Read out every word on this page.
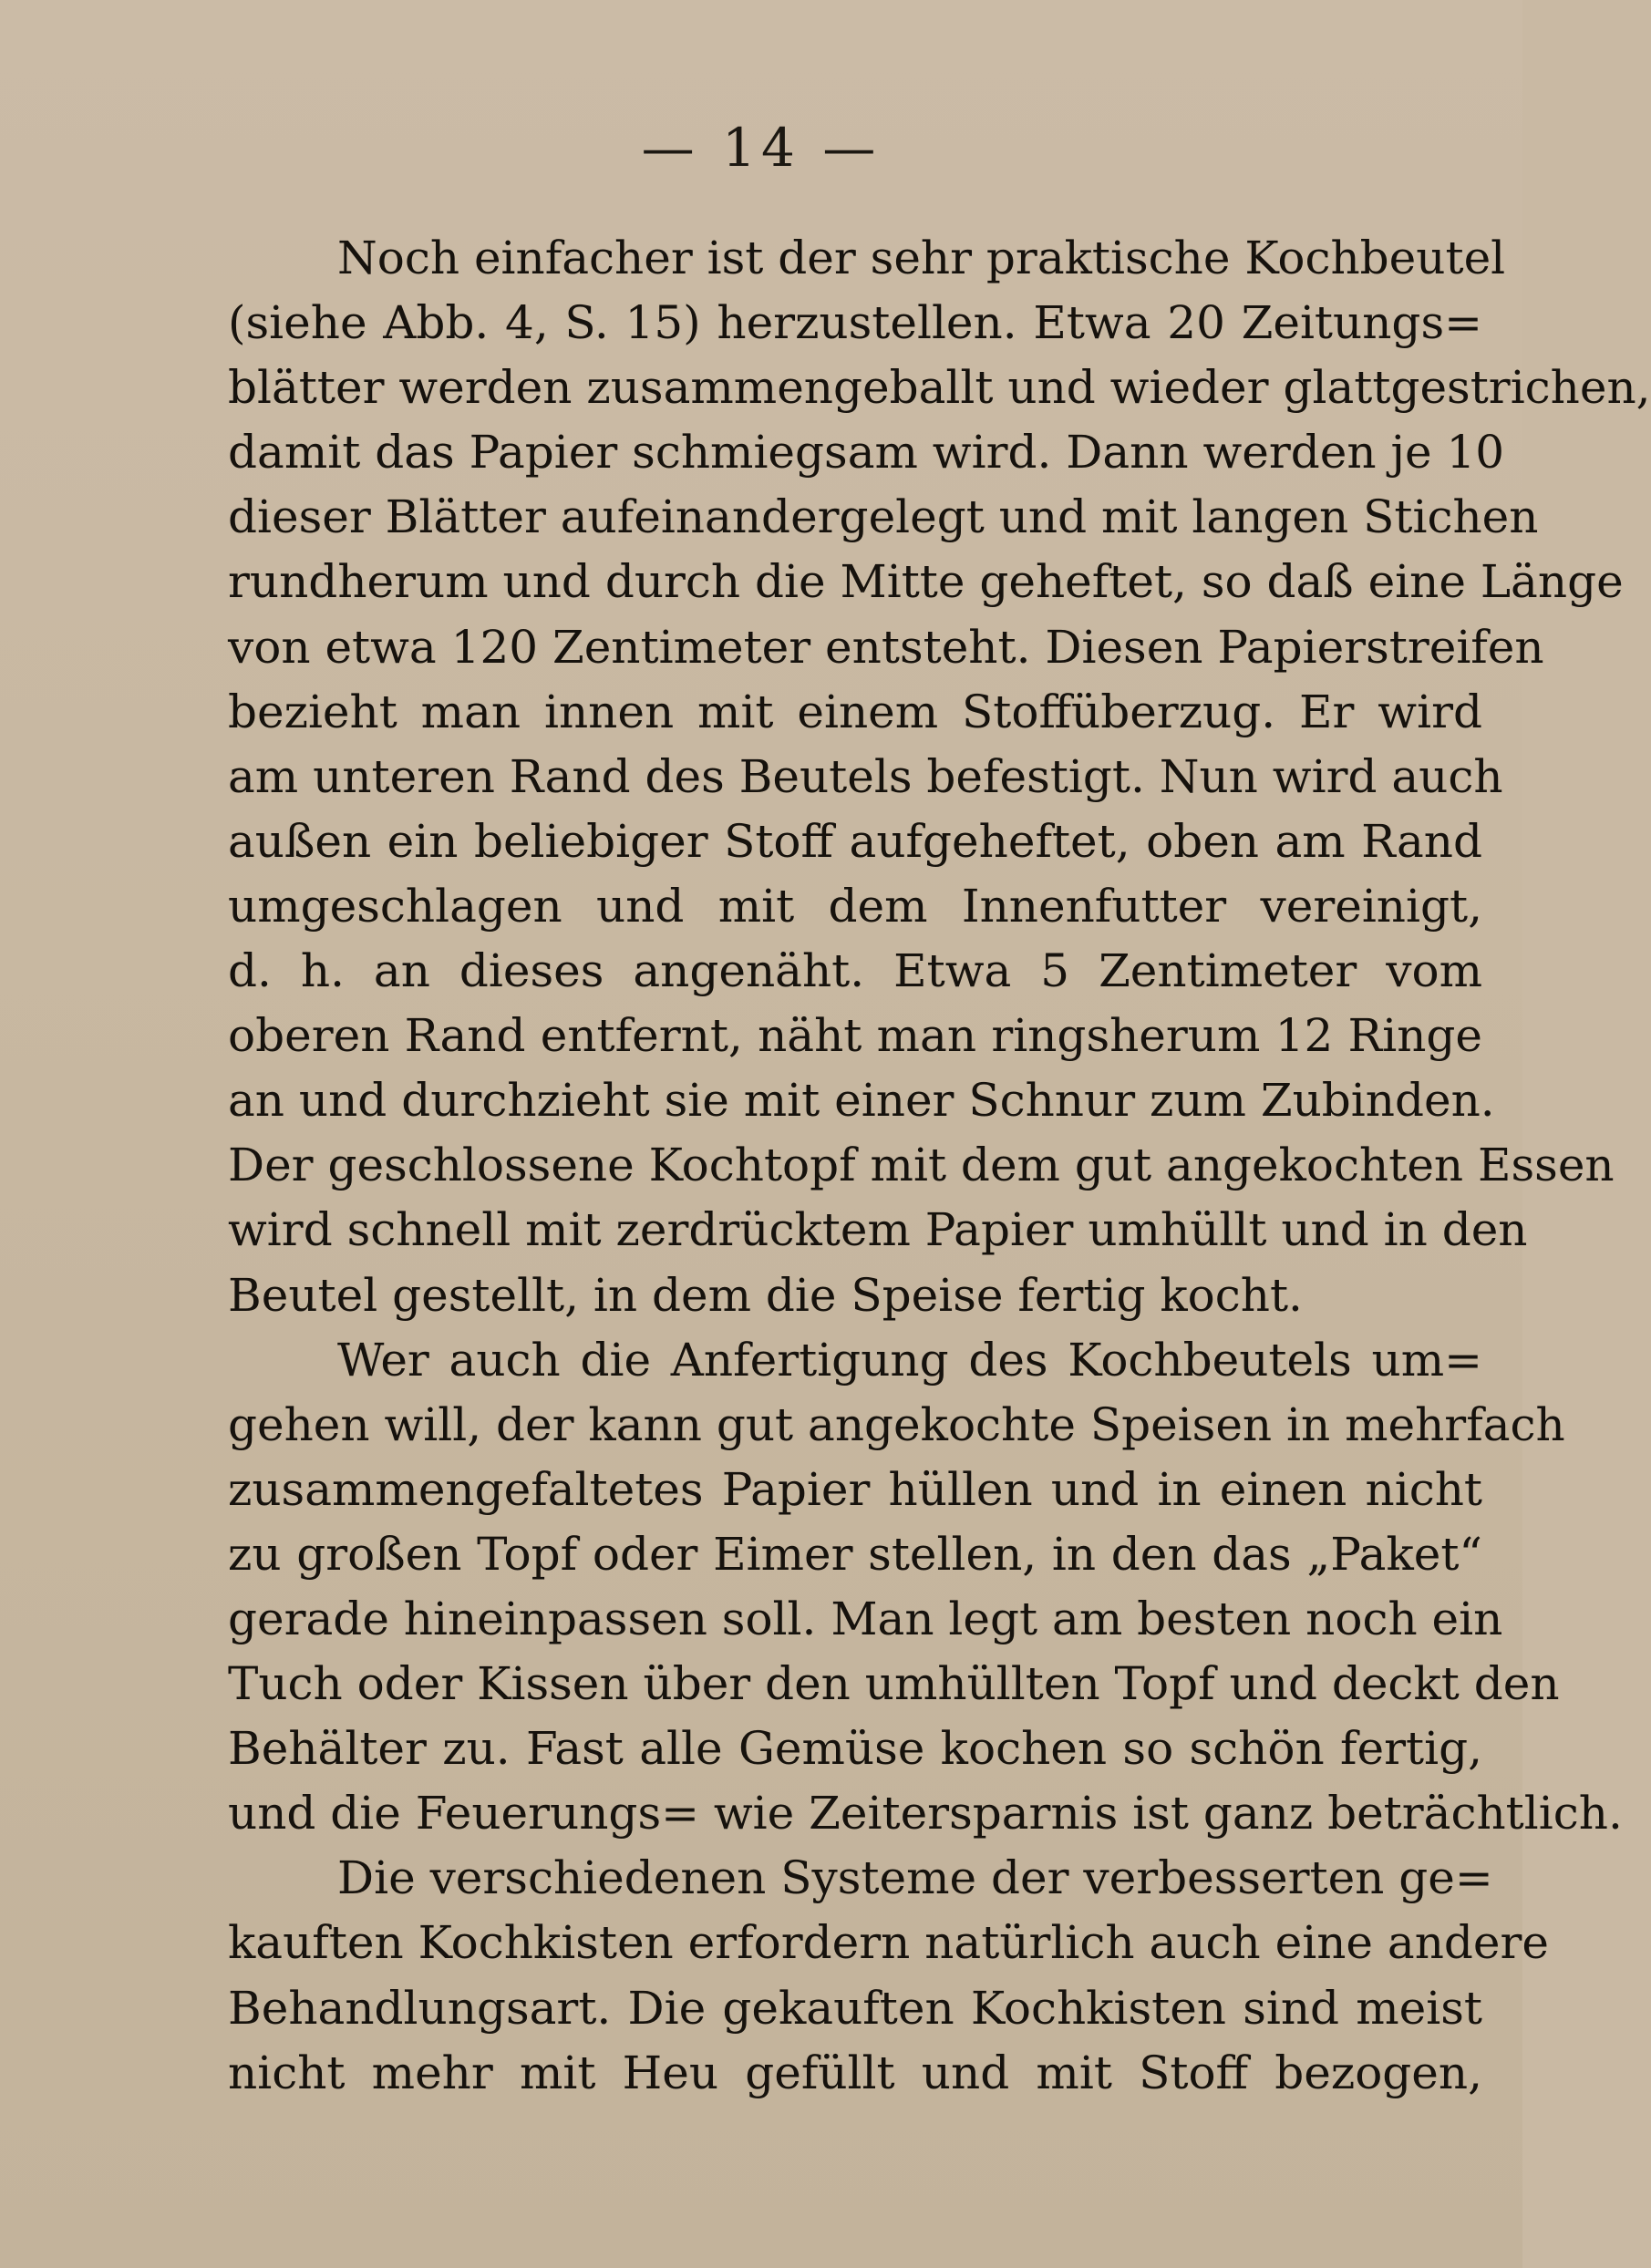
— 14 —
Noch einfacher ist der sehr praktische Kochbeutel
(siehe Abb. 4, S. 15) herzustellen. Etwa 20 Zeitungs=
blätter werden zusammengeballt und wieder glattgestrichen,
damit das Papier schmiegsam wird. Dann werden je 10
dieser Blätter aufeinandergelegt und mit langen Stichen
rundherum und durch die Mitte geheftet, so daß eine Länge
von etwa 120 Zentimeter entsteht. Diesen Papierstreifen
bezieht man innen mit einem Stoffüberzug. Er wird
am unteren Rand des Beutels befestigt. Nun wird auch
außen ein beliebiger Stoff aufgeheftet, oben am Rand
umgeschlagen und mit dem Innenfutter vereinigt,
d. h. an dieses angenäht. Etwa 5 Zentimeter vom
oberen Rand entfernt, näht man ringsherum 12 Ringe
an und durchzieht sie mit einer Schnur zum Zubinden.
Der geschlossene Kochtopf mit dem gut angekochten Essen
wird schnell mit zerdrücktem Papier umhüllt und in den
Beutel gestellt, in dem die Speise fertig kocht.
Wer auch die Anfertigung des Kochbeutels um=
gehen will, der kann gut angekochte Speisen in mehrfach
zusammengefaltetes Papier hüllen und in einen nicht
zu großen Topf oder Eimer stellen, in den das „Paket“
gerade hineinpassen soll. Man legt am besten noch ein
Tuch oder Kissen über den umhüllten Topf und deckt den
Behälter zu. Fast alle Gemüse kochen so schön fertig,
und die Feuerungs= wie Zeitersparnis ist ganz beträchtlich.
Die verschiedenen Systeme der verbesserten ge=
kauften Kochkisten erfordern natürlich auch eine andere
Behandlungsart. Die gekauften Kochkisten sind meist
nicht mehr mit Heu gefüllt und mit Stoff bezogen,
